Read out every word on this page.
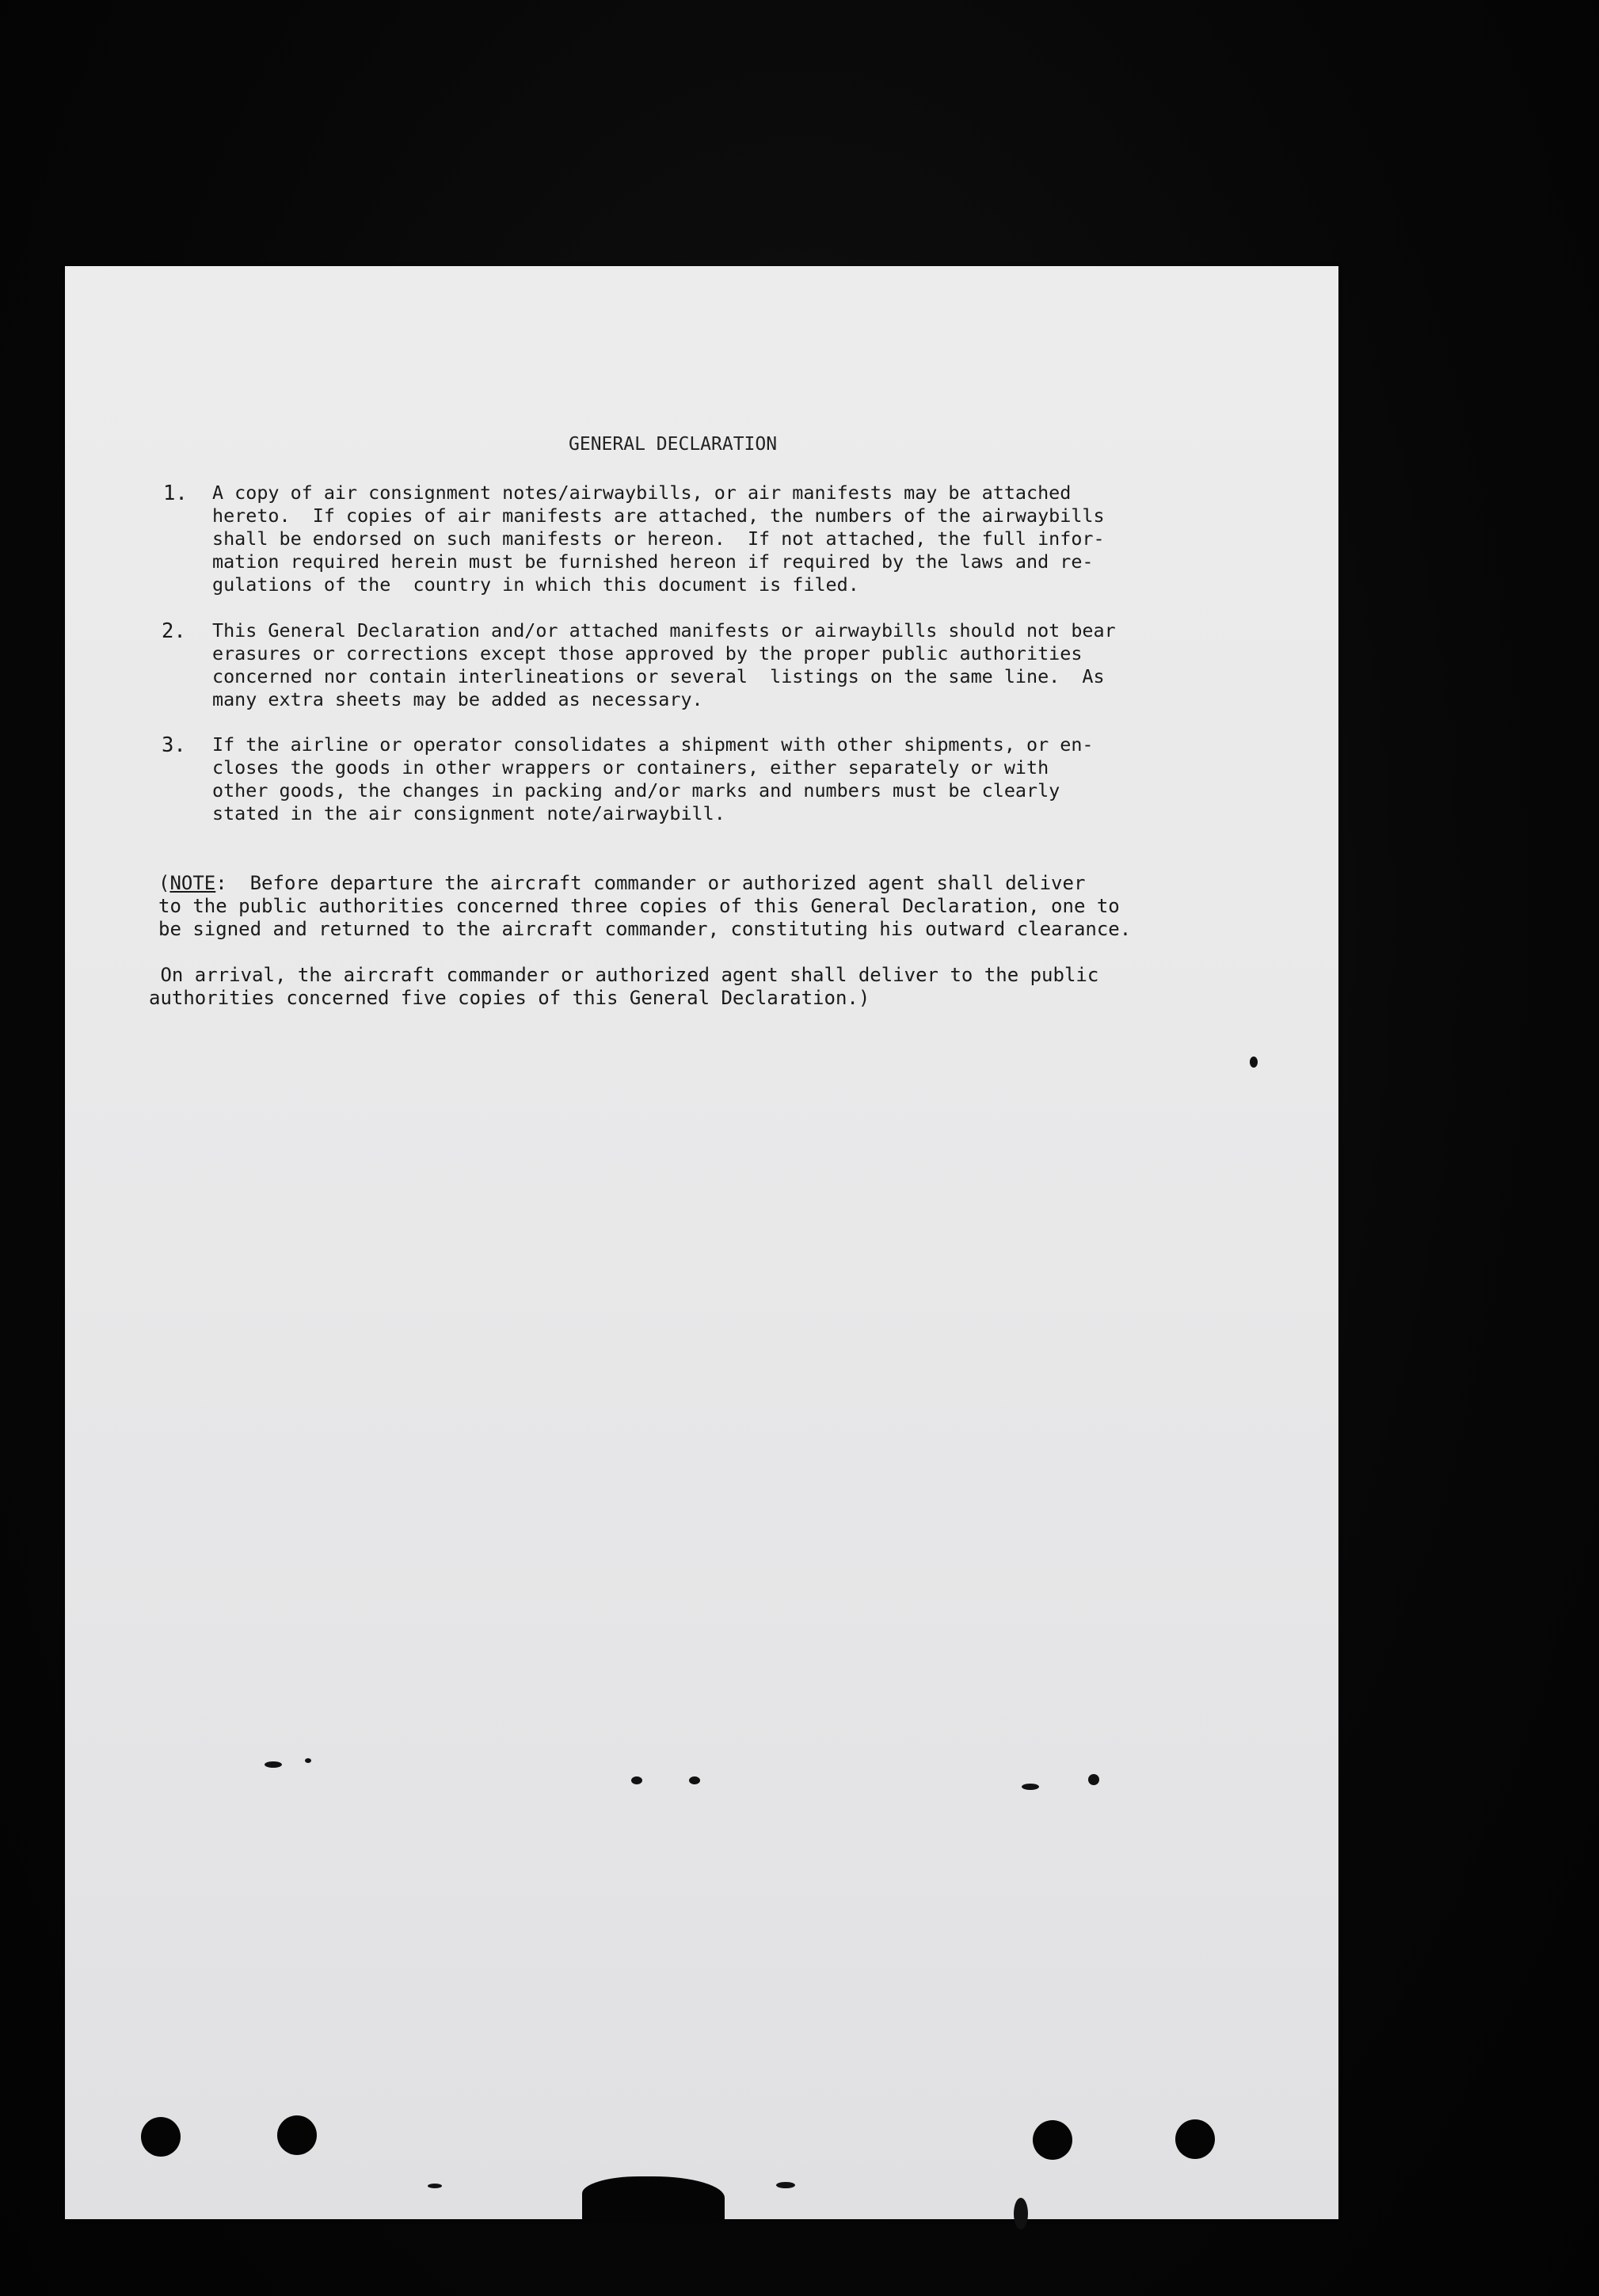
GENERAL DECLARATION
1. A copy of air consignment notes/airwaybills, or air manifests may be attached
hereto.  If copies of air manifests are attached, the numbers of the airwaybills
shall be endorsed on such manifests or hereon.  If not attached, the full infor-
mation required herein must be furnished hereon if required by the laws and re-
gulations of the  country in which this document is filed.
2. This General Declaration and/or attached manifests or airwaybills should not bear
erasures or corrections except those approved by the proper public authorities
concerned nor contain interlineations or several  listings on the same line.  As
many extra sheets may be added as necessary.
3. If the airline or operator consolidates a shipment with other shipments, or en-
closes the goods in other wrappers or containers, either separately or with
other goods, the changes in packing and/or marks and numbers must be clearly
stated in the air consignment note/airwaybill.
(NOTE:  Before departure the aircraft commander or authorized agent shall deliver
to the public authorities concerned three copies of this General Declaration, one to
be signed and returned to the aircraft commander, constituting his outward clearance.
On arrival, the aircraft commander or authorized agent shall deliver to the public
authorities concerned five copies of this General Declaration.)
